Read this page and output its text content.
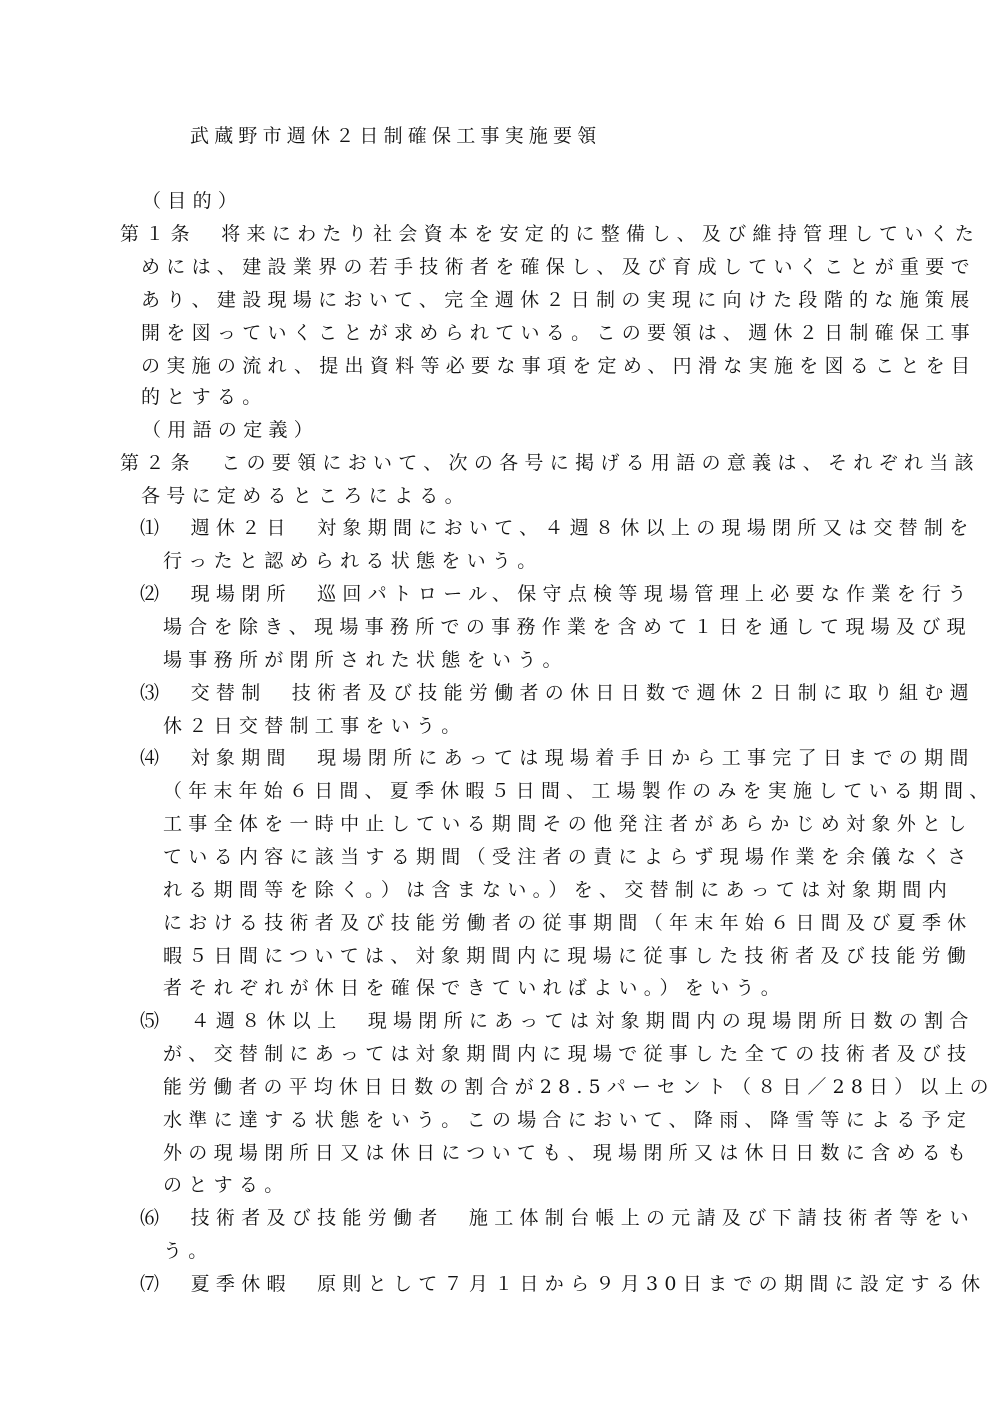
武蔵野市週休２日制確保工事実施要領
（目的）
第１条　将来にわたり社会資本を安定的に整備し、及び維持管理していくた
めには、建設業界の若手技術者を確保し、及び育成していくことが重要で
あり、建設現場において、完全週休２日制の実現に向けた段階的な施策展
開を図っていくことが求められている。この要領は、週休２日制確保工事
の実施の流れ、提出資料等必要な事項を定め、円滑な実施を図ることを目
的とする。
（用語の定義）
第２条　この要領において、次の各号に掲げる用語の意義は、それぞれ当該
各号に定めるところによる。
⑴　週休２日　対象期間において、４週８休以上の現場閉所又は交替制を
行ったと認められる状態をいう。
⑵　現場閉所　巡回パトロール、保守点検等現場管理上必要な作業を行う
場合を除き、現場事務所での事務作業を含めて１日を通して現場及び現
場事務所が閉所された状態をいう。
⑶　交替制　技術者及び技能労働者の休日日数で週休２日制に取り組む週
休２日交替制工事をいう。
⑷　対象期間　現場閉所にあっては現場着手日から工事完了日までの期間
（年末年始６日間、夏季休暇５日間、工場製作のみを実施している期間、
工事全体を一時中止している期間その他発注者があらかじめ対象外とし
ている内容に該当する期間（受注者の責によらず現場作業を余儀なくさ
れる期間等を除く。）は含まない。）を、交替制にあっては対象期間内
における技術者及び技能労働者の従事期間（年末年始６日間及び夏季休
暇５日間については、対象期間内に現場に従事した技術者及び技能労働
者それぞれが休日を確保できていればよい。）をいう。
⑸　４週８休以上　現場閉所にあっては対象期間内の現場閉所日数の割合
が、交替制にあっては対象期間内に現場で従事した全ての技術者及び技
能労働者の平均休日日数の割合が28.5パーセント（８日／28日）以上の
水準に達する状態をいう。この場合において、降雨、降雪等による予定
外の現場閉所日又は休日についても、現場閉所又は休日日数に含めるも
のとする。
⑹　技術者及び技能労働者　施工体制台帳上の元請及び下請技術者等をい
う。
⑺　夏季休暇　原則として７月１日から９月30日までの期間に設定する休
